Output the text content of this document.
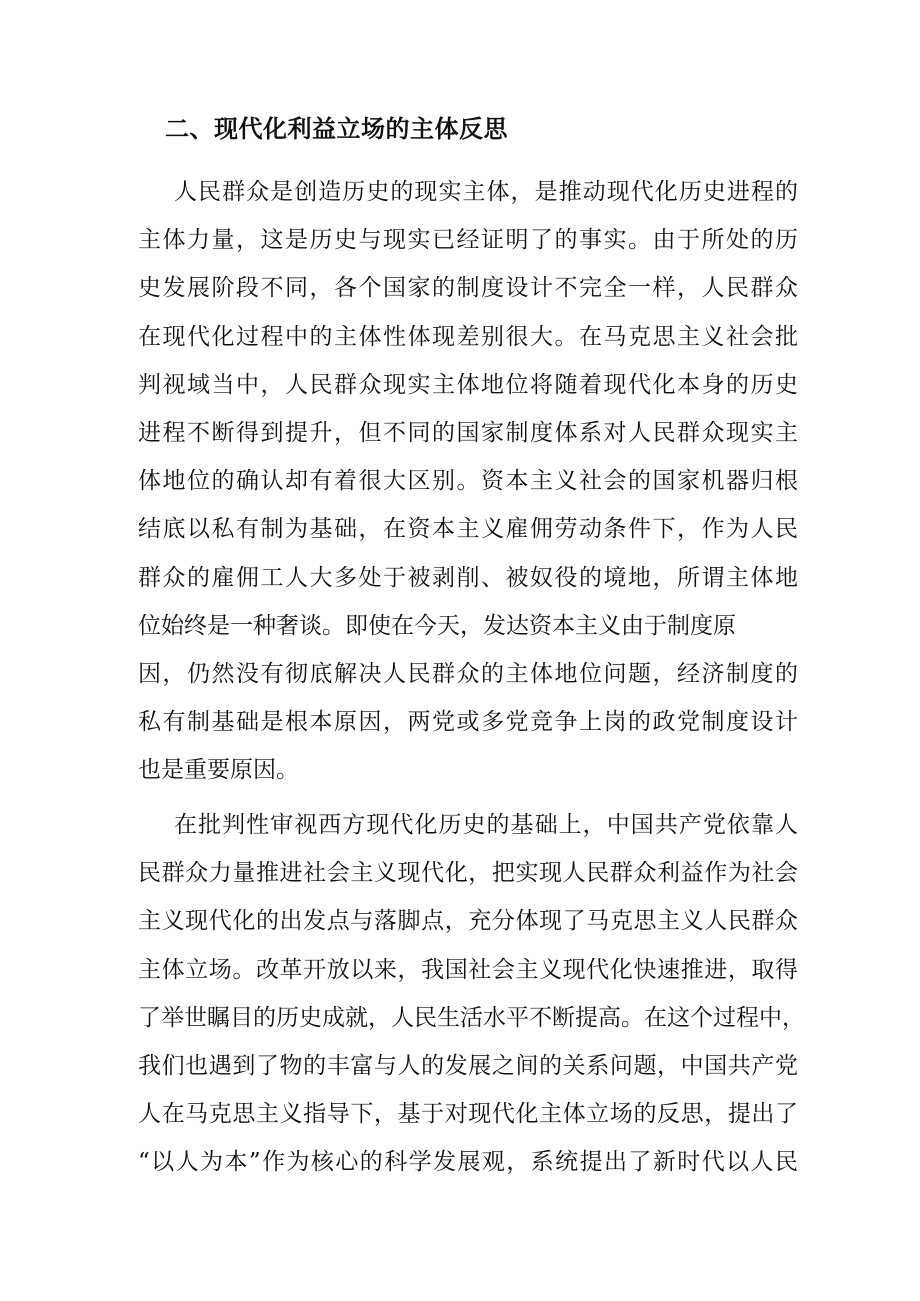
二、现代化利益立场的主体反思
人民群众是创造历史的现实主体，是推动现代化历史进程的
主体力量，这是历史与现实已经证明了的事实。由于所处的历
史发展阶段不同，各个国家的制度设计不完全一样，人民群众
在现代化过程中的主体性体现差别很大。在马克思主义社会批
判视域当中，人民群众现实主体地位将随着现代化本身的历史
进程不断得到提升，但不同的国家制度体系对人民群众现实主
体地位的确认却有着很大区别。资本主义社会的国家机器归根
结底以私有制为基础，在资本主义雇佣劳动条件下，作为人民
群众的雇佣工人大多处于被剥削、被奴役的境地，所谓主体地
位始终是一种奢谈。即使在今天，发达资本主义由于制度原
因，仍然没有彻底解决人民群众的主体地位问题，经济制度的
私有制基础是根本原因，两党或多党竞争上岗的政党制度设计
也是重要原因。
在批判性审视西方现代化历史的基础上，中国共产党依靠人
民群众力量推进社会主义现代化，把实现人民群众利益作为社会
主义现代化的出发点与落脚点，充分体现了马克思主义人民群众
主体立场。改革开放以来，我国社会主义现代化快速推进，取得
了举世瞩目的历史成就，人民生活水平不断提高。在这个过程中，
我们也遇到了物的丰富与人的发展之间的关系问题，中国共产党
人在马克思主义指导下，基于对现代化主体立场的反思，提出了
“以人为本”作为核心的科学发展观，系统提出了新时代以人民
